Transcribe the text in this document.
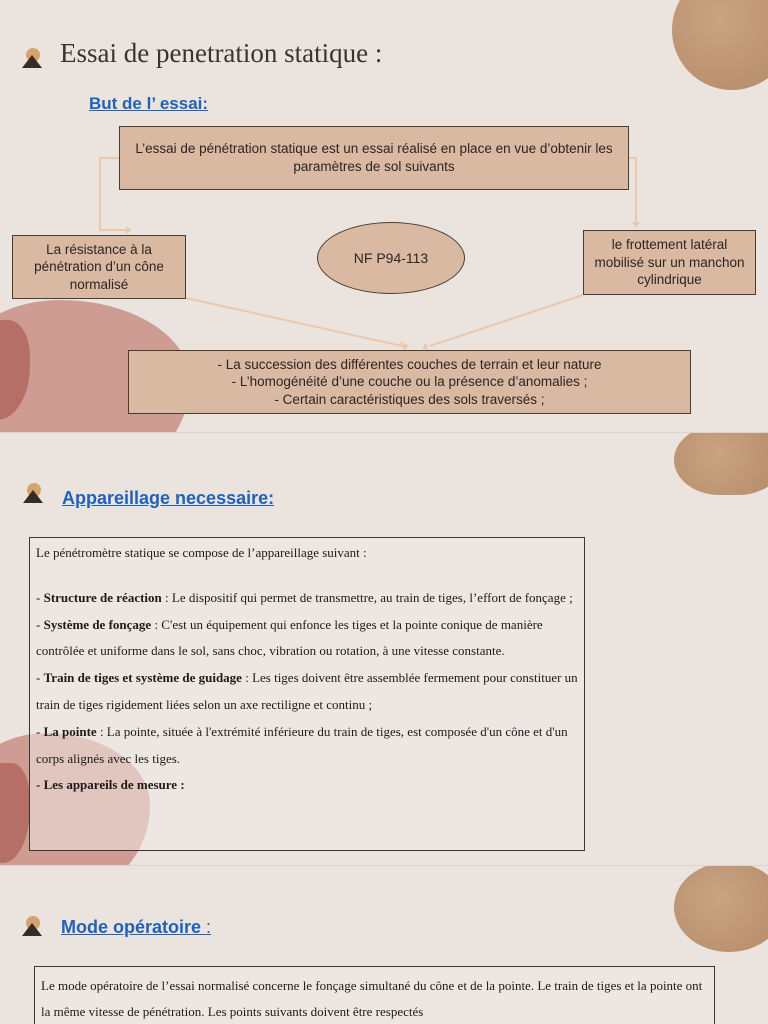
Essai de penetration statique :
But de l’ essai:
L’essai de pénétration statique est un essai réalisé en place en vue d’obtenir les paramètres de sol suivants
La résistance à la pénétration d’un cône normalisé
NF P94-113
le frottement latéral mobilisé sur un manchon cylindrique
- La succession des différentes couches de terrain et leur nature
- L’homogénéité d’une couche ou la présence d’anomalies ;
- Certain caractéristiques des sols traversés ;
Appareillage necessaire:
Le pénétromètre statique se compose de l’appareillage suivant :
- Structure de réaction : Le dispositif qui permet de transmettre, au train de tiges, l’effort de fonçage ;
- Système de fonçage : C'est un équipement qui enfonce les tiges et la pointe conique de manière contrôlée et uniforme dans le sol, sans choc, vibration ou rotation, à une vitesse constante.
- Train de tiges et système de guidage : Les tiges doivent être assemblée fermement pour constituer un train de tiges rigidement liées selon un axe rectiligne et continu ;
- La pointe : La pointe, située à l'extrémité inférieure du train de tiges, est composée d'un cône et d'un corps alignés avec les tiges.
- Les appareils de mesure :
Mode opératoire :
Le mode opératoire de l’essai normalisé concerne le fonçage simultané du cône et de la pointe. Le train de tiges et la pointe ont la même vitesse de pénétration. Les points suivants doivent être respectés
